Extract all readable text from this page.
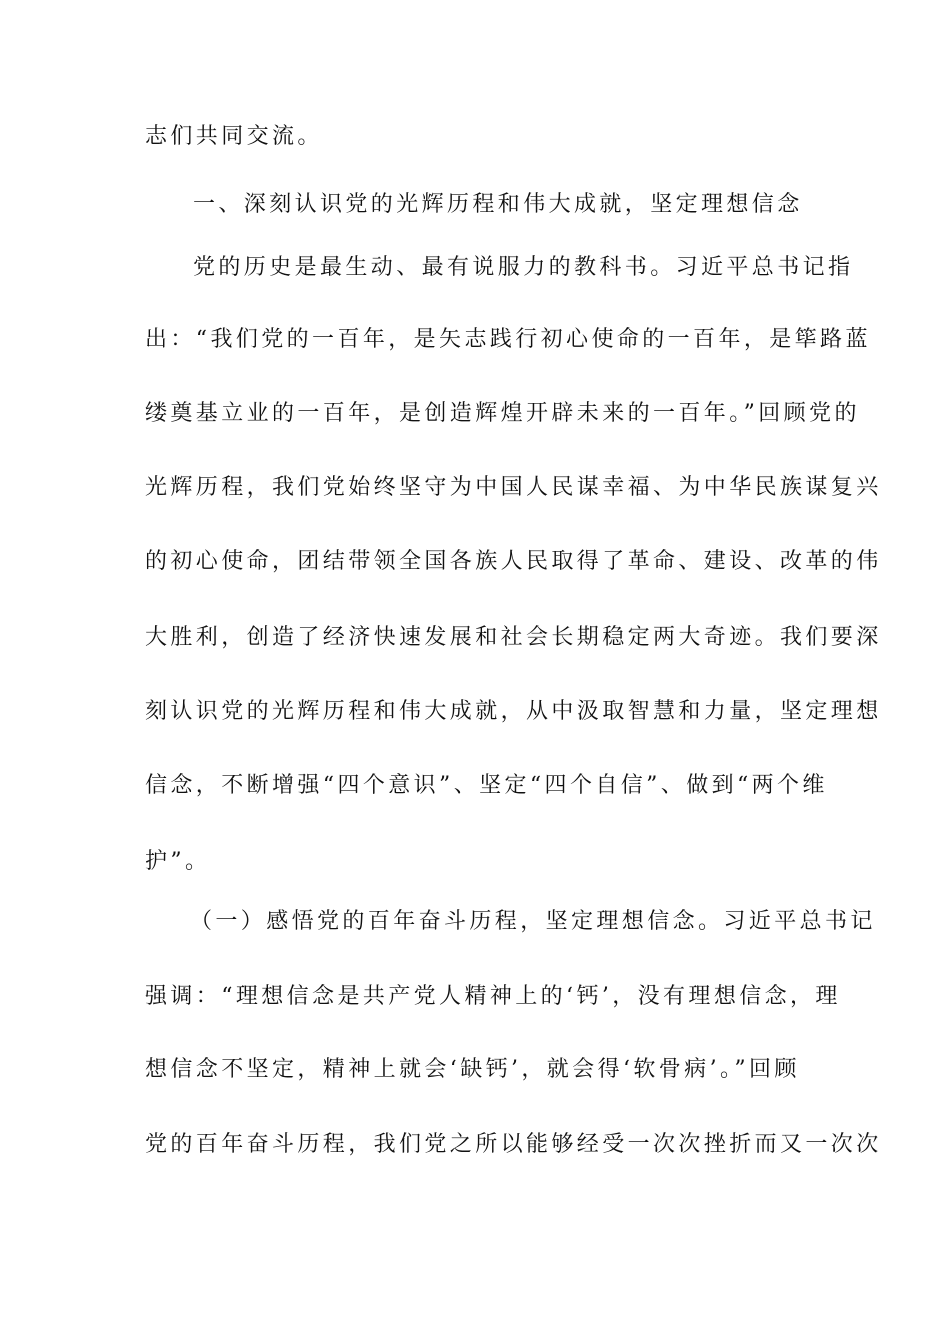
志们共同交流。
一、深刻认识党的光辉历程和伟大成就，坚定理想信念
党的历史是最生动、最有说服力的教科书。习近平总书记指
出：“我们党的一百年，是矢志践行初心使命的一百年，是筚路蓝
缕奠基立业的一百年，是创造辉煌开辟未来的一百年。”回顾党的
光辉历程，我们党始终坚守为中国人民谋幸福、为中华民族谋复兴
的初心使命，团结带领全国各族人民取得了革命、建设、改革的伟
大胜利，创造了经济快速发展和社会长期稳定两大奇迹。我们要深
刻认识党的光辉历程和伟大成就，从中汲取智慧和力量，坚定理想
信念，不断增强“四个意识”、坚定“四个自信”、做到“两个维
护”。
（一）感悟党的百年奋斗历程，坚定理想信念。习近平总书记
强调：“理想信念是共产党人精神上的‘钙’，没有理想信念，理
想信念不坚定，精神上就会‘缺钙’，就会得‘软骨病’。”回顾
党的百年奋斗历程，我们党之所以能够经受一次次挫折而又一次次
